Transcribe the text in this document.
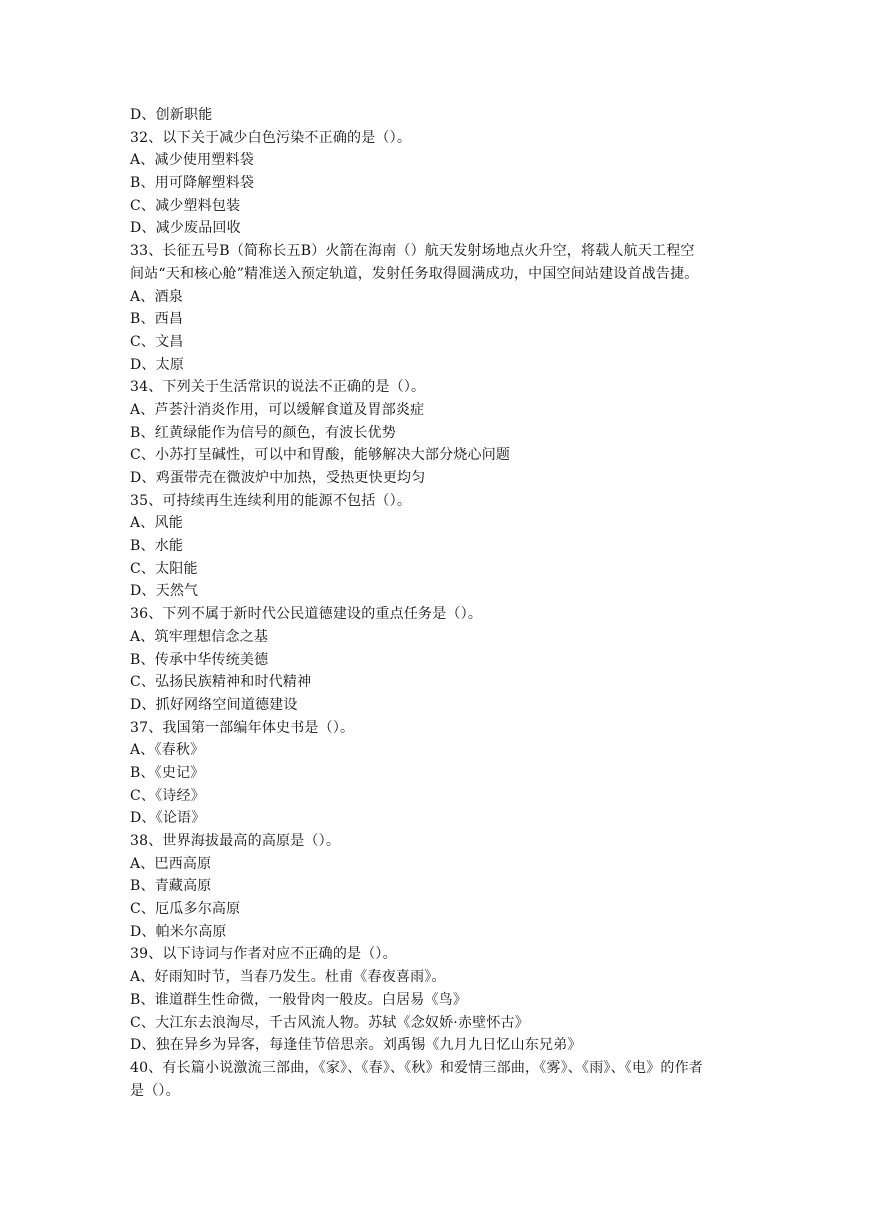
D、创新职能
32、以下关于减少白色污染不正确的是（）。
A、减少使用塑料袋
B、用可降解塑料袋
C、减少塑料包装
D、减少废品回收
33、长征五号B（简称长五B）火箭在海南（）航天发射场地点火升空，将载人航天工程空
间站“天和核心舱”精准送入预定轨道，发射任务取得圆满成功，中国空间站建设首战告捷。
A、酒泉
B、西昌
C、文昌
D、太原
34、下列关于生活常识的说法不正确的是（）。
A、芦荟汁消炎作用，可以缓解食道及胃部炎症
B、红黄绿能作为信号的颜色，有波长优势
C、小苏打呈碱性，可以中和胃酸，能够解决大部分烧心问题
D、鸡蛋带壳在微波炉中加热，受热更快更均匀
35、可持续再生连续利用的能源不包括（）。
A、风能
B、水能
C、太阳能
D、天然气
36、下列不属于新时代公民道德建设的重点任务是（）。
A、筑牢理想信念之基
B、传承中华传统美德
C、弘扬民族精神和时代精神
D、抓好网络空间道德建设
37、我国第一部编年体史书是（）。
A、《春秋》
B、《史记》
C、《诗经》
D、《论语》
38、世界海拔最高的高原是（）。
A、巴西高原
B、青藏高原
C、厄瓜多尔高原
D、帕米尔高原
39、以下诗词与作者对应不正确的是（）。
A、好雨知时节，当春乃发生。杜甫《春夜喜雨》。
B、谁道群生性命微，一般骨肉一般皮。白居易《鸟》
C、大江东去浪淘尽，千古风流人物。苏轼《念奴娇·赤壁怀古》
D、独在异乡为异客，每逢佳节倍思亲。刘禹锡《九月九日忆山东兄弟》
40、有长篇小说激流三部曲，《家》、《春》、《秋》和爱情三部曲，《雾》、《雨》、《电》的作者
是（）。
